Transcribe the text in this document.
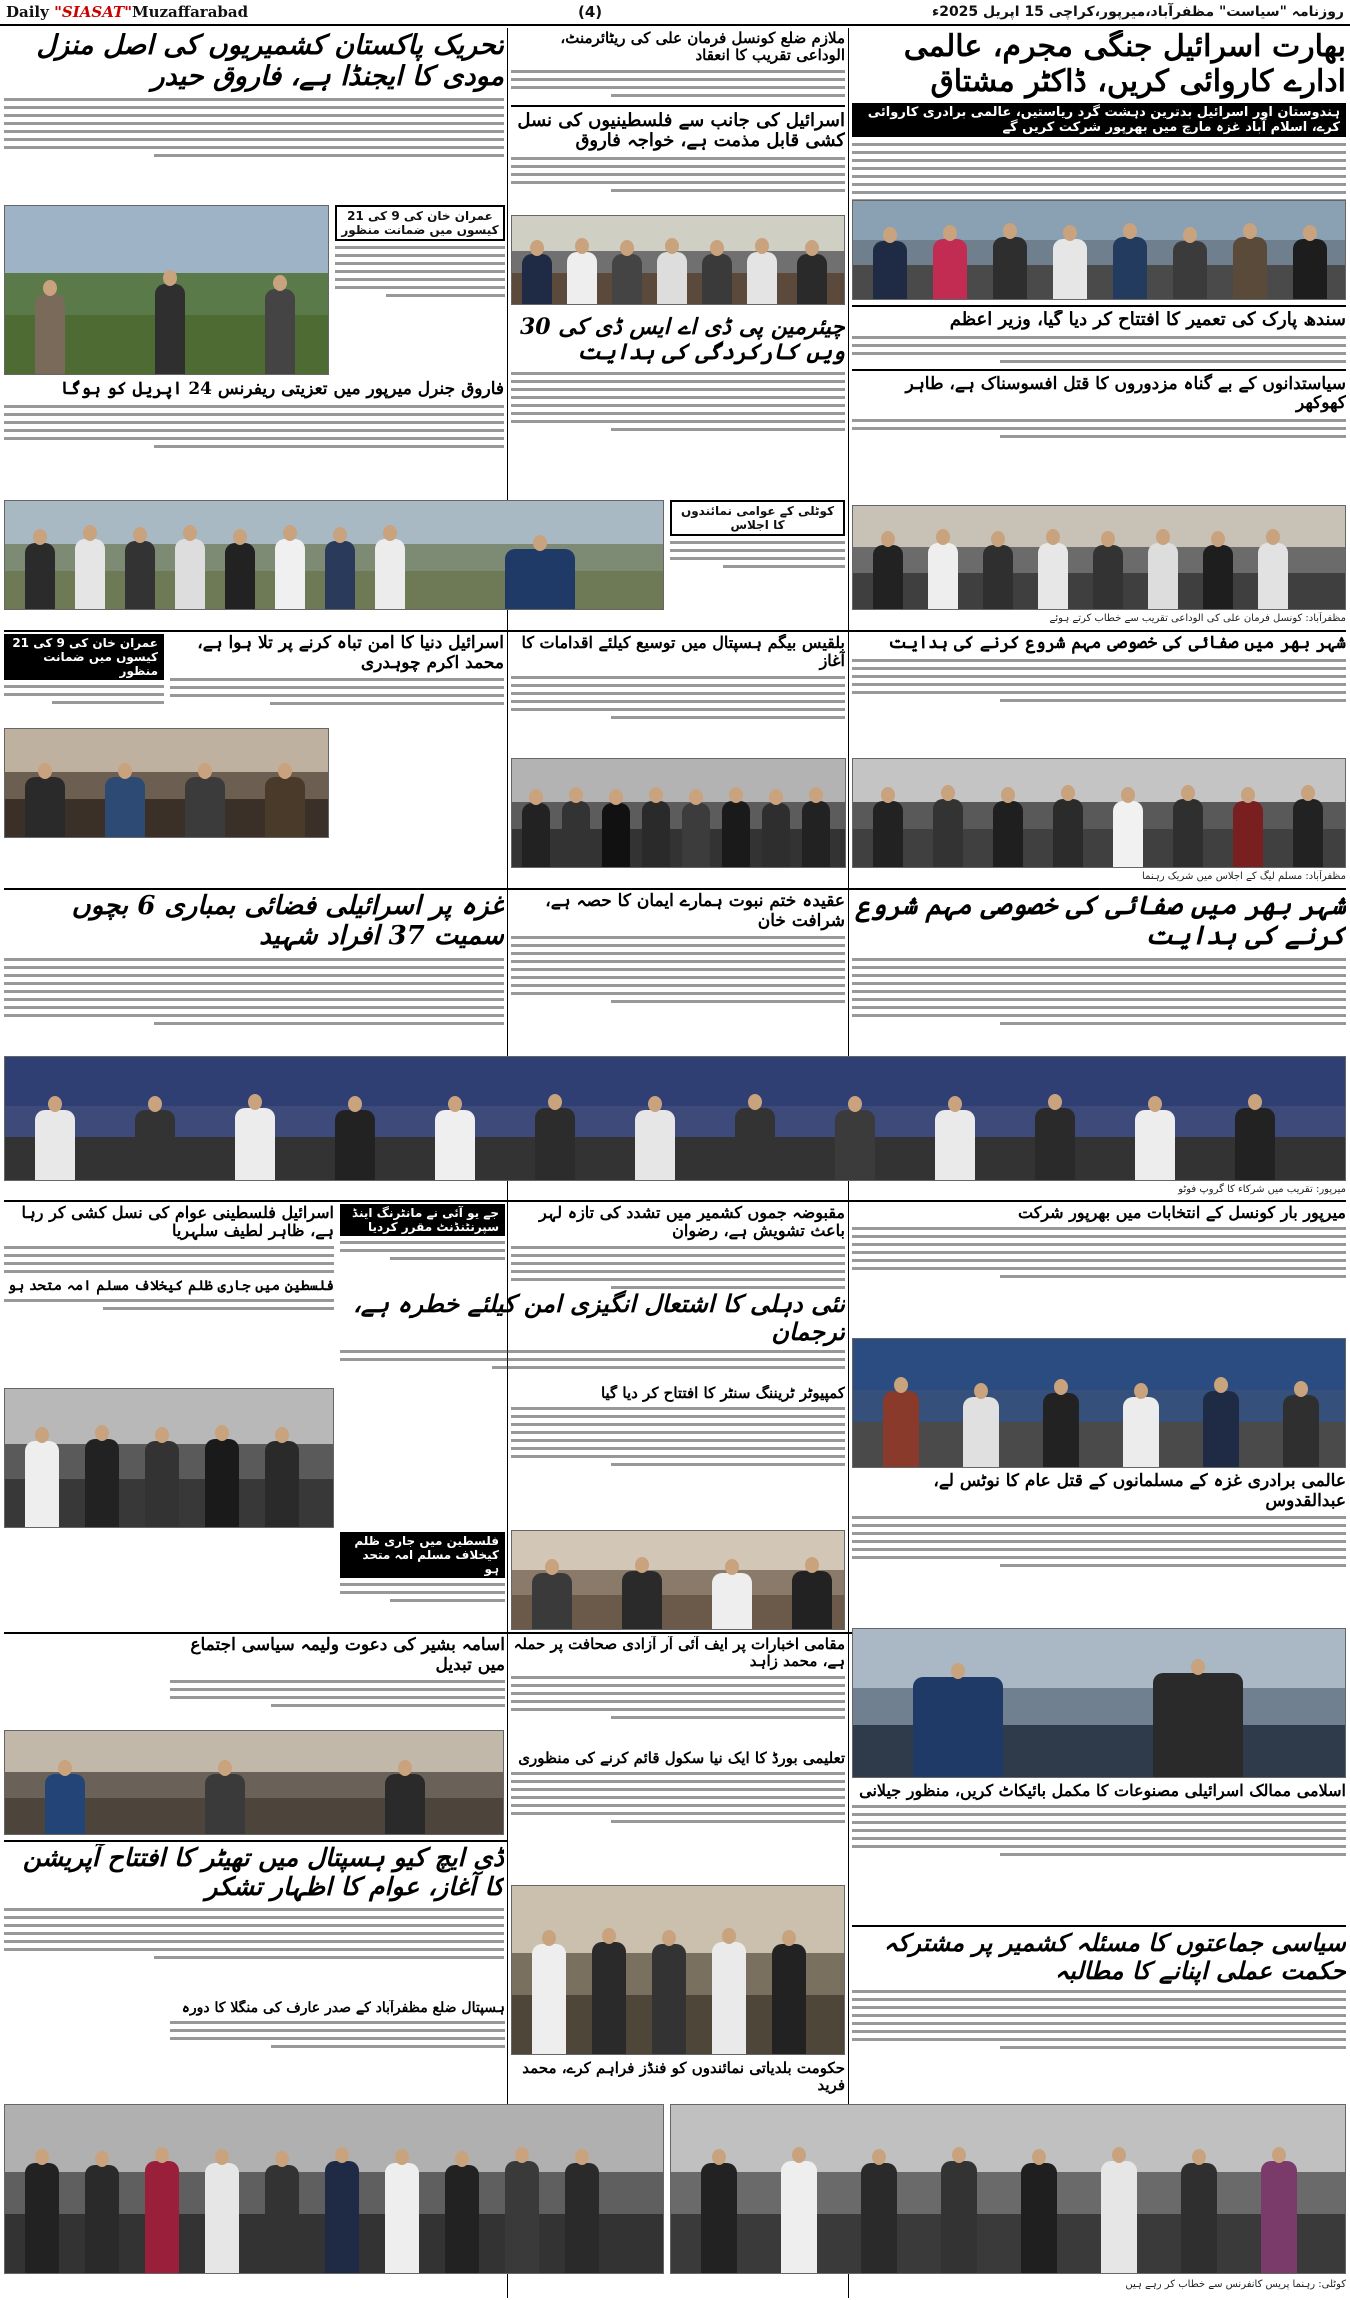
Daily "SIASAT"Muzaffarabad	(4)	روزنامہ "سیاست" مظفرآباد،میرپور،کراچی 15 اپریل 2025ء
بھارت اسرائیل جنگی مجرم، عالمی ادارے کاروائی کریں، ڈاکٹر مشتاق
ہندوستان اور اسرائیل بدترین دہشت گرد ریاستیں، عالمی برادری کاروائی کرے، اسلام آباد غزہ مارچ میں بھرپور شرکت کریں گے
ملازم ضلع کونسل فرمان علی کی ریٹائرمنٹ، الوداعی تقریب کا انعقاد
اسرائیل کی جانب سے فلسطینیوں کی نسل کشی قابل مذمت ہے، خواجہ فاروق
تحریک پاکستان کشمیریوں کی اصل منزل مودی کا ایجنڈا ہے، فاروق حیدر
عمران خان کی 9 کی 21 کیسوں میں ضمانت منظور
سندھ پارک کی تعمیر کا افتتاح کر دیا گیا، وزیر اعظم
سیاستدانوں کے بے گناہ مزدوروں کا قتل افسوسناک ہے، طاہر کھوکھر
چیئرمین پی ڈی اے ایس ڈی کی 30 ویں کارکردگی کی ہدایت
فاروق جنرل میرپور میں تعزیتی ریفرنس 24 اپریل کو ہوگا
کوٹلی کے عوامی نمائندوں کا اجلاس
مظفرآباد: کونسل فرمان علی کی الوداعی تقریب سے خطاب کرتے ہوئے
شہر بھر میں صفائی کی خصوصی مہم شروع کرنے کی ہدایت
بلقیس بیگم ہسپتال میں توسیع کیلئے اقدامات کا آغاز
اسرائیل دنیا کا امن تباہ کرنے پر تلا ہوا ہے، محمد اکرم چوہدری
عمران خان کی 9 کی 21 کیسوں میں ضمانت منظور
مظفرآباد: مسلم لیگ کے اجلاس میں شریک رہنما
شہر بھر میں صفائی کی خصوصی مہم شروع کرنے کی ہدایت
عقیدہ ختم نبوت ہمارے ایمان کا حصہ ہے، شرافت خان
غزہ پر اسرائیلی فضائی بمباری 6 بچوں سمیت 37 افراد شہید
میرپور: تقریب میں شرکاء کا گروپ فوٹو
میرپور بار کونسل کے انتخابات میں بھرپور شرکت
مقبوضہ جموں کشمیر میں تشدد کی تازہ لہر باعث تشویش ہے، رضوان
جے یو آئی نے مانٹرنگ اینڈ سپرنٹنڈنٹ مقرر کردیا
اسرائیل فلسطینی عوام کی نسل کشی کر رہا ہے، ظاہر لطیف سلہریا
فلسطین میں جاری ظلم کیخلاف مسلم امہ متحد ہو
نئی دہلی کا اشتعال انگیزی امن کیلئے خطرہ ہے، ترجمان
کمپیوٹر ٹریننگ سنٹر کا افتتاح کر دیا گیا
عالمی برادری غزہ کے مسلمانوں کے قتل عام کا نوٹس لے، عبدالقدوس
فلسطین میں جاری ظلم کیخلاف مسلم امہ متحد ہو
اسامہ بشیر کی دعوت ولیمہ سیاسی اجتماع میں تبدیل
مقامی اخبارات پر ایف آئی آر آزادی صحافت پر حملہ ہے، محمد زاہد
اسلامی ممالک اسرائیلی مصنوعات کا مکمل بائیکاٹ کریں، منظور جیلانی
تعلیمی بورڈ کا ایک نیا سکول قائم کرنے کی منظوری
ڈی ایچ کیو ہسپتال میں تھیٹر کا افتتاح آپریشن کا آغاز، عوام کا اظہار تشکر
سیاسی جماعتوں کا مسئلہ کشمیر پر مشترکہ حکمت عملی اپنانے کا مطالبہ
ہسپتال ضلع مظفرآباد کے صدر عارف کی منگلا کا دورہ
حکومت بلدیاتی نمائندوں کو فنڈز فراہم کرے، محمد فرید
کوٹلی: رہنما پریس کانفرنس سے خطاب کر رہے ہیں
